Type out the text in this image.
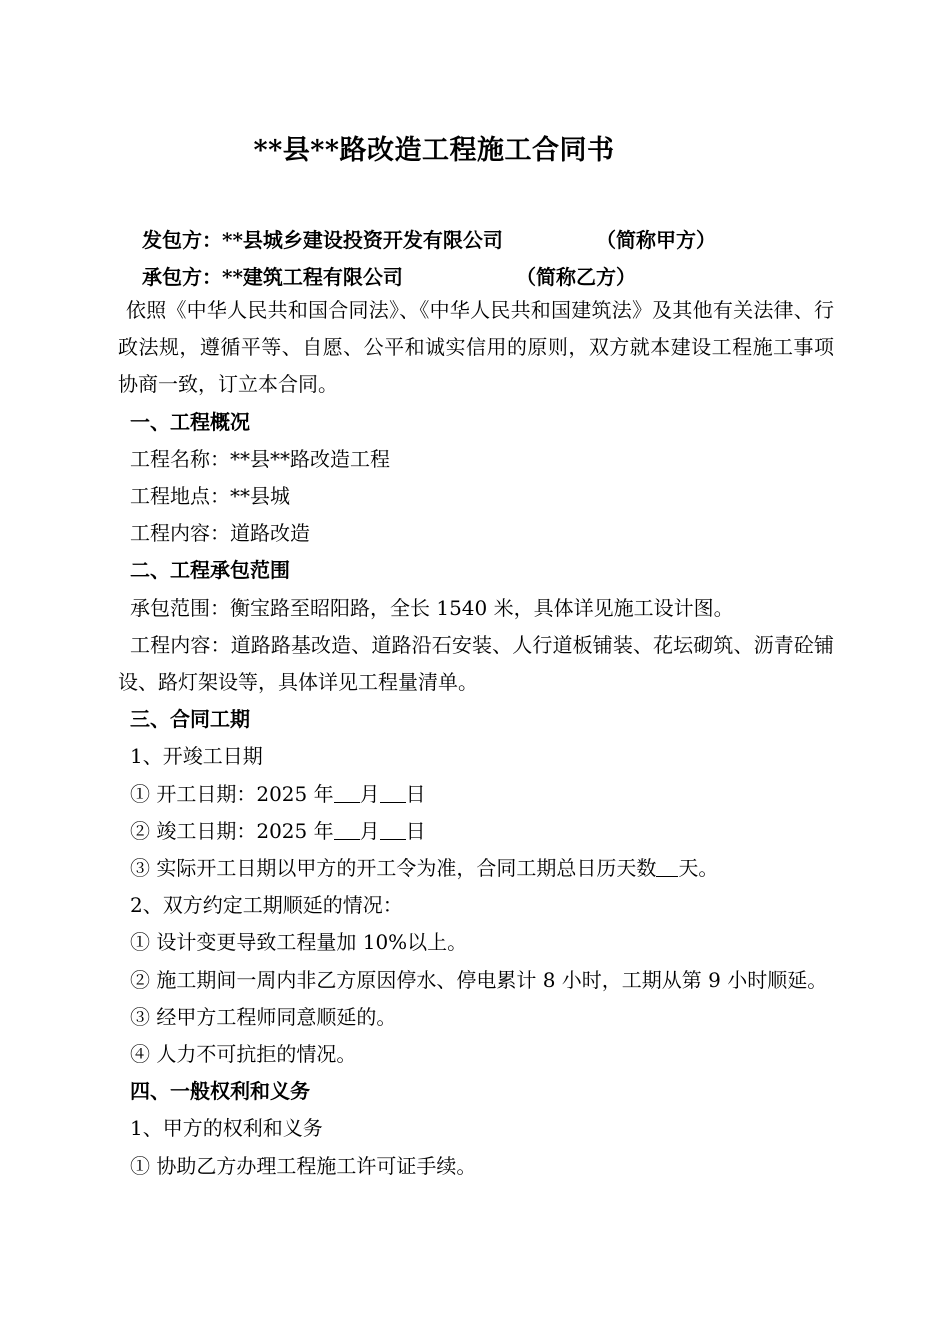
**县**路改造工程施工合同书
发包方：**县城乡建设投资开发有限公司	（简称甲方）
承包方：**建筑工程有限公司	（简称乙方）

依照《中华人民共和国合同法》、《中华人民共和国建筑法》及其他有关法律、行政法规，遵循平等、自愿、公平和诚实信用的原则，双方就本建设工程施工事项协商一致，订立本合同。

一、工程概况

工程名称：**县**路改造工程

工程地点：**县城

工程内容：道路改造

二、工程承包范围

承包范围：衡宝路至昭阳路，全长 1540 米，具体详见施工设计图。

工程内容：道路路基改造、道路沿石安装、人行道板铺装、花坛砌筑、沥青砼铺设、路灯架设等，具体详见工程量清单。

三、合同工期

1、开竣工日期

① 开工日期：2025 年 月 日

② 竣工日期：2025 年 月 日

③ 实际开工日期以甲方的开工令为准，合同工期总日历天数 天。

2、双方约定工期顺延的情况：

① 设计变更导致工程量加 10%以上。

② 施工期间一周内非乙方原因停水、停电累计 8 小时，工期从第 9 小时顺延。

③ 经甲方工程师同意顺延的。

④ 人力不可抗拒的情况。

四、一般权利和义务

1、甲方的权利和义务

① 协助乙方办理工程施工许可证手续。
